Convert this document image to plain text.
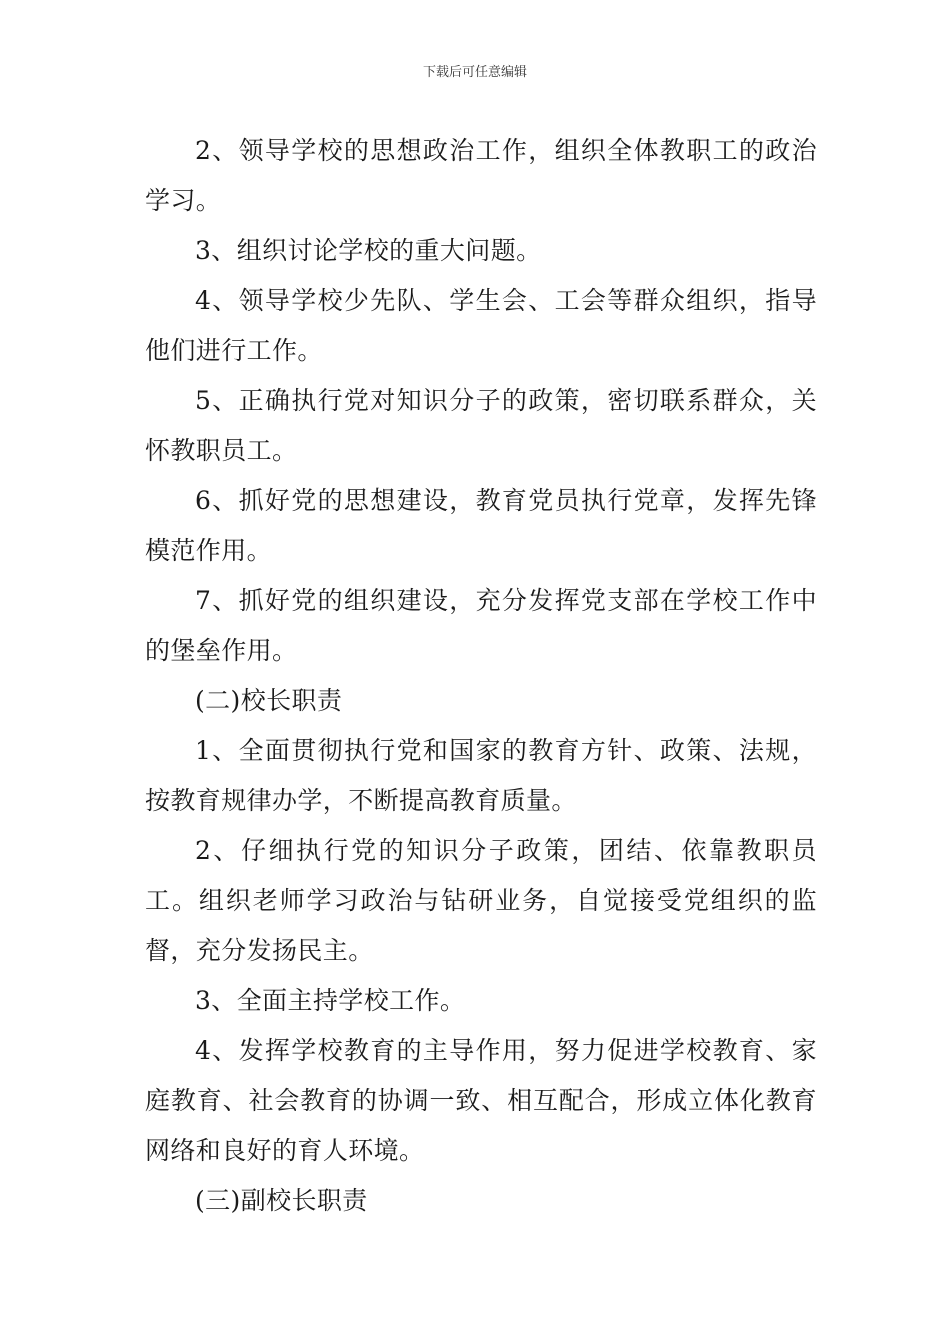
下载后可任意编辑

2、领导学校的思想政治工作，组织全体教职工的政治学习。

3、组织讨论学校的重大问题。

4、领导学校少先队、学生会、工会等群众组织，指导他们进行工作。

5、正确执行党对知识分子的政策，密切联系群众，关怀教职员工。

6、抓好党的思想建设，教育党员执行党章，发挥先锋模范作用。

7、抓好党的组织建设，充分发挥党支部在学校工作中的堡垒作用。

(二)校长职责

1、全面贯彻执行党和国家的教育方针、政策、法规，按教育规律办学，不断提高教育质量。

2、仔细执行党的知识分子政策，团结、依靠教职员工。组织老师学习政治与钻研业务，自觉接受党组织的监督，充分发扬民主。

3、全面主持学校工作。

4、发挥学校教育的主导作用，努力促进学校教育、家庭教育、社会教育的协调一致、相互配合，形成立体化教育网络和良好的育人环境。

(三)副校长职责
